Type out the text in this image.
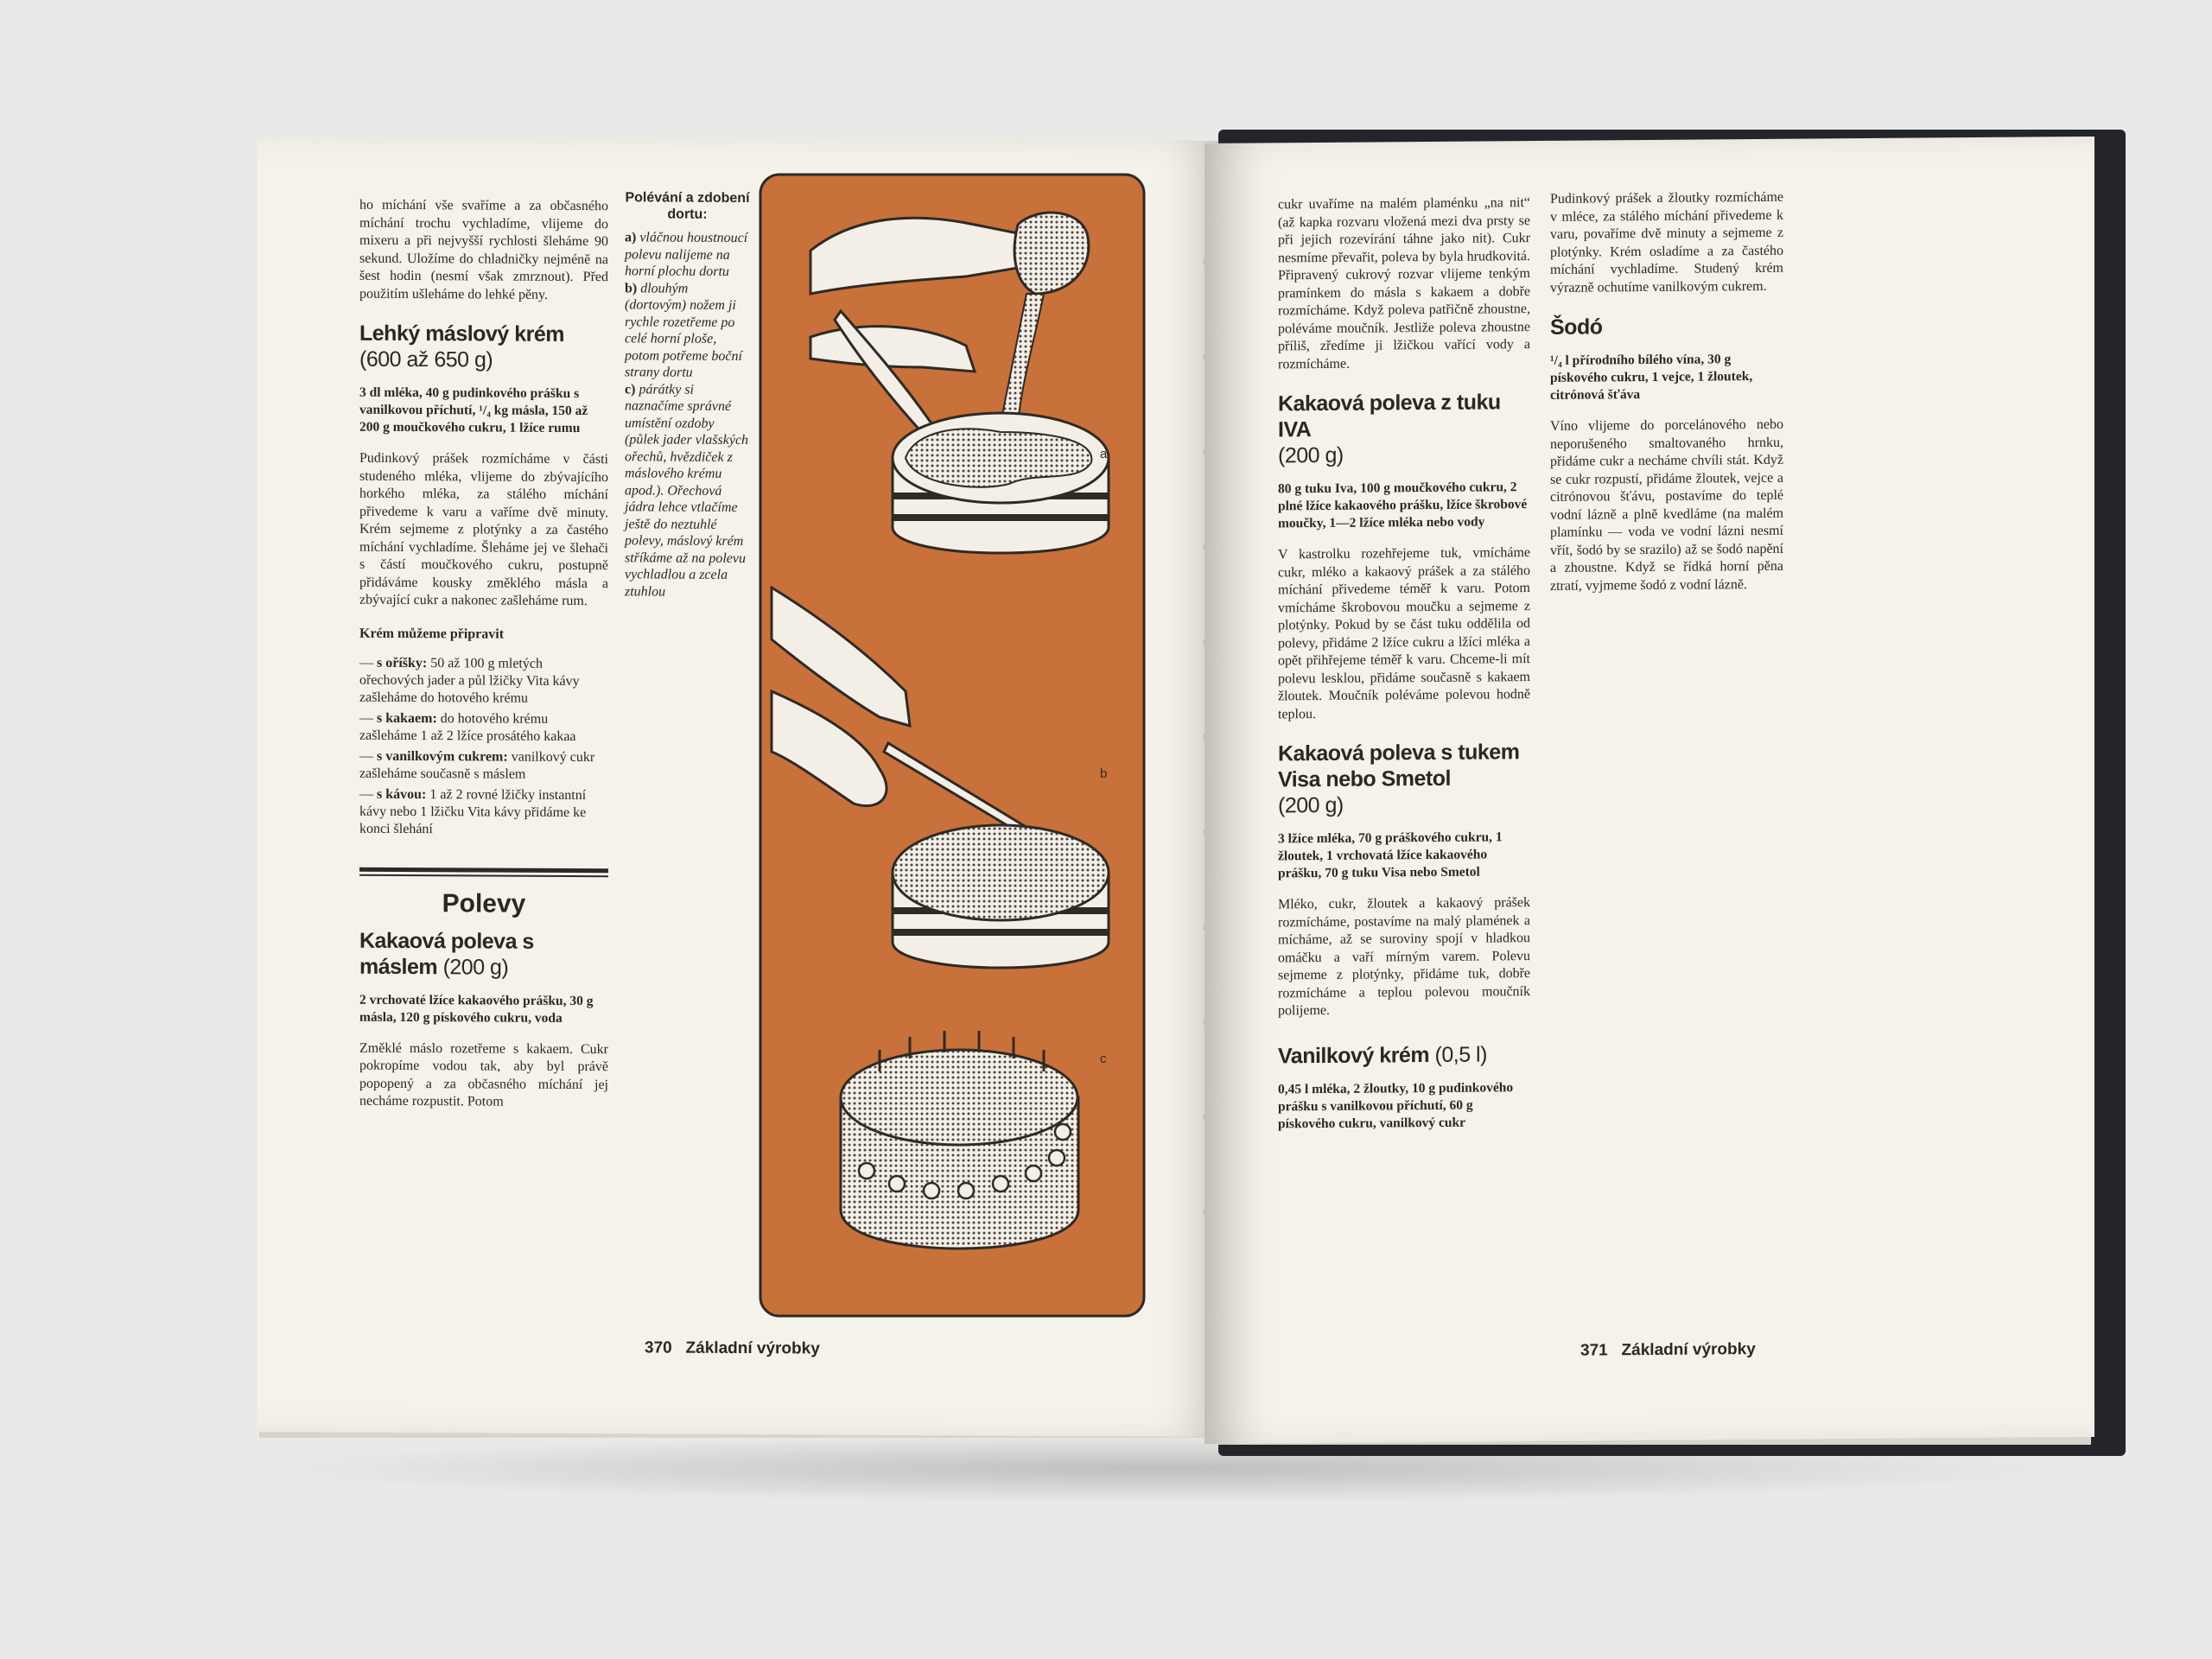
ho míchání vše svaříme a za občasného míchání trochu vychladíme, vlijeme do mixeru a při nejvyšší rychlosti šleháme 90 sekund. Uložíme do chladničky nejméně na šest hodin (nesmí však zmrznout). Před použitím ušleháme do lehké pěny.
Lehký máslový krém
(600 až 650 g)
3 dl mléka, 40 g pudinkového prášku s vanilkovou příchutí, ¹/₄ kg másla, 150 až 200 g moučkového cukru, 1 lžíce rumu
Pudinkový prášek rozmícháme v části studeného mléka, vlijeme do zbývajícího horkého mléka, za stálého míchání přivedeme k varu a vaříme dvě minuty. Krém sejmeme z plotýnky a za častého míchání vychladíme. Šleháme jej ve šlehači s částí moučkového cukru, postupně přidáváme kousky změklého másla a zbývající cukr a nakonec zašleháme rum.
Krém můžeme připravit
— s oříšky: 50 až 100 g mletých ořechových jader a půl lžičky Vita kávy zašleháme do hotového krému
— s kakaem: do hotového krému zašleháme 1 až 2 lžíce prosátého kakaa
— s vanilkovým cukrem: vanilkový cukr zašleháme současně s máslem
— s kávou: 1 až 2 rovné lžičky instantní kávy nebo 1 lžičku Vita kávy přidáme ke konci šlehání
Polevy
Kakaová poleva s máslem (200 g)
2 vrchovaté lžíce kakaového prášku, 30 g másla, 120 g pískového cukru, voda
Změklé máslo rozetřeme s kakaem. Cukr pokropíme vodou tak, aby byl právě popopený a za občasného míchání jej necháme rozpustit. Potom
Polévání a zdobení dortu:
a) vláčnou houstnoucí polevu nalijeme na horní plochu dortu
b) dlouhým (dortovým) nožem ji rychle rozetřeme po celé horní ploše, potom potřeme boční strany dortu
c) párátky si naznačíme správné umístění ozdoby (půlek jader vlašských ořechů, hvězdiček z máslového krému apod.). Ořechová jádra lehce vtlačíme ještě do neztuhlé polevy, máslový krém stříkáme až na polevu vychladlou a zcela ztuhlou
370 Základní výrobky
a
b
c
cukr uvaříme na malém plaménku „na nit“ (až kapka rozvaru vložená mezi dva prsty se při jejich rozevírání táhne jako nit). Cukr nesmíme převařit, poleva by byla hrudkovitá. Připravený cukrový rozvar vlijeme tenkým pramínkem do másla s kakaem a dobře rozmícháme. Když poleva patřičně zhoustne, poléváme moučník. Jestliže poleva zhoustne příliš, zředíme ji lžičkou vařící vody a rozmícháme.
Kakaová poleva z tuku IVA
(200 g)
80 g tuku Iva, 100 g moučkového cukru, 2 plné lžíce kakaového prášku, lžíce škrobové moučky, 1—2 lžíce mléka nebo vody
V kastrolku rozehřejeme tuk, vmícháme cukr, mléko a kakaový prášek a za stálého míchání přivedeme téměř k varu. Potom vmícháme škrobovou moučku a sejmeme z plotýnky. Pokud by se část tuku oddělila od polevy, přidáme 2 lžíce cukru a lžíci mléka a opět přihřejeme téměř k varu. Chceme-li mít polevu lesklou, přidáme současně s kakaem žloutek. Moučník poléváme polevou hodně teplou.
Kakaová poleva s tukem Visa nebo Smetol
(200 g)
3 lžíce mléka, 70 g práškového cukru, 1 žloutek, 1 vrchovatá lžíce kakaového prášku, 70 g tuku Visa nebo Smetol
Mléko, cukr, žloutek a kakaový prášek rozmícháme, postavíme na malý plamének a mícháme, až se suroviny spojí v hladkou omáčku a vaří mírným varem. Polevu sejmeme z plotýnky, přidáme tuk, dobře rozmícháme a teplou polevou moučník polijeme.
Vanilkový krém (0,5 l)
0,45 l mléka, 2 žloutky, 10 g pudinkového prášku s vanilkovou příchutí, 60 g pískového cukru, vanilkový cukr
Pudinkový prášek a žloutky rozmícháme v mléce, za stálého míchání přivedeme k varu, povaříme dvě minuty a sejmeme z plotýnky. Krém osladíme a za častého míchání vychladíme. Studený krém výrazně ochutíme vanilkovým cukrem.
Šodó
¹/₄ l přírodního bílého vína, 30 g pískového cukru, 1 vejce, 1 žloutek, citrónová šťáva
Víno vlijeme do porcelánového nebo neporušeného smaltovaného hrnku, přidáme cukr a necháme chvíli stát. Když se cukr rozpustí, přidáme žloutek, vejce a citrónovou šťávu, postavíme do teplé vodní lázně a plně kvedláme (na malém plamínku — voda ve vodní lázni nesmí vřít, šodó by se srazilo) až se šodó napění a zhoustne. Když se řídká horní pěna ztratí, vyjmeme šodó z vodní lázně.
371 Základní výrobky
